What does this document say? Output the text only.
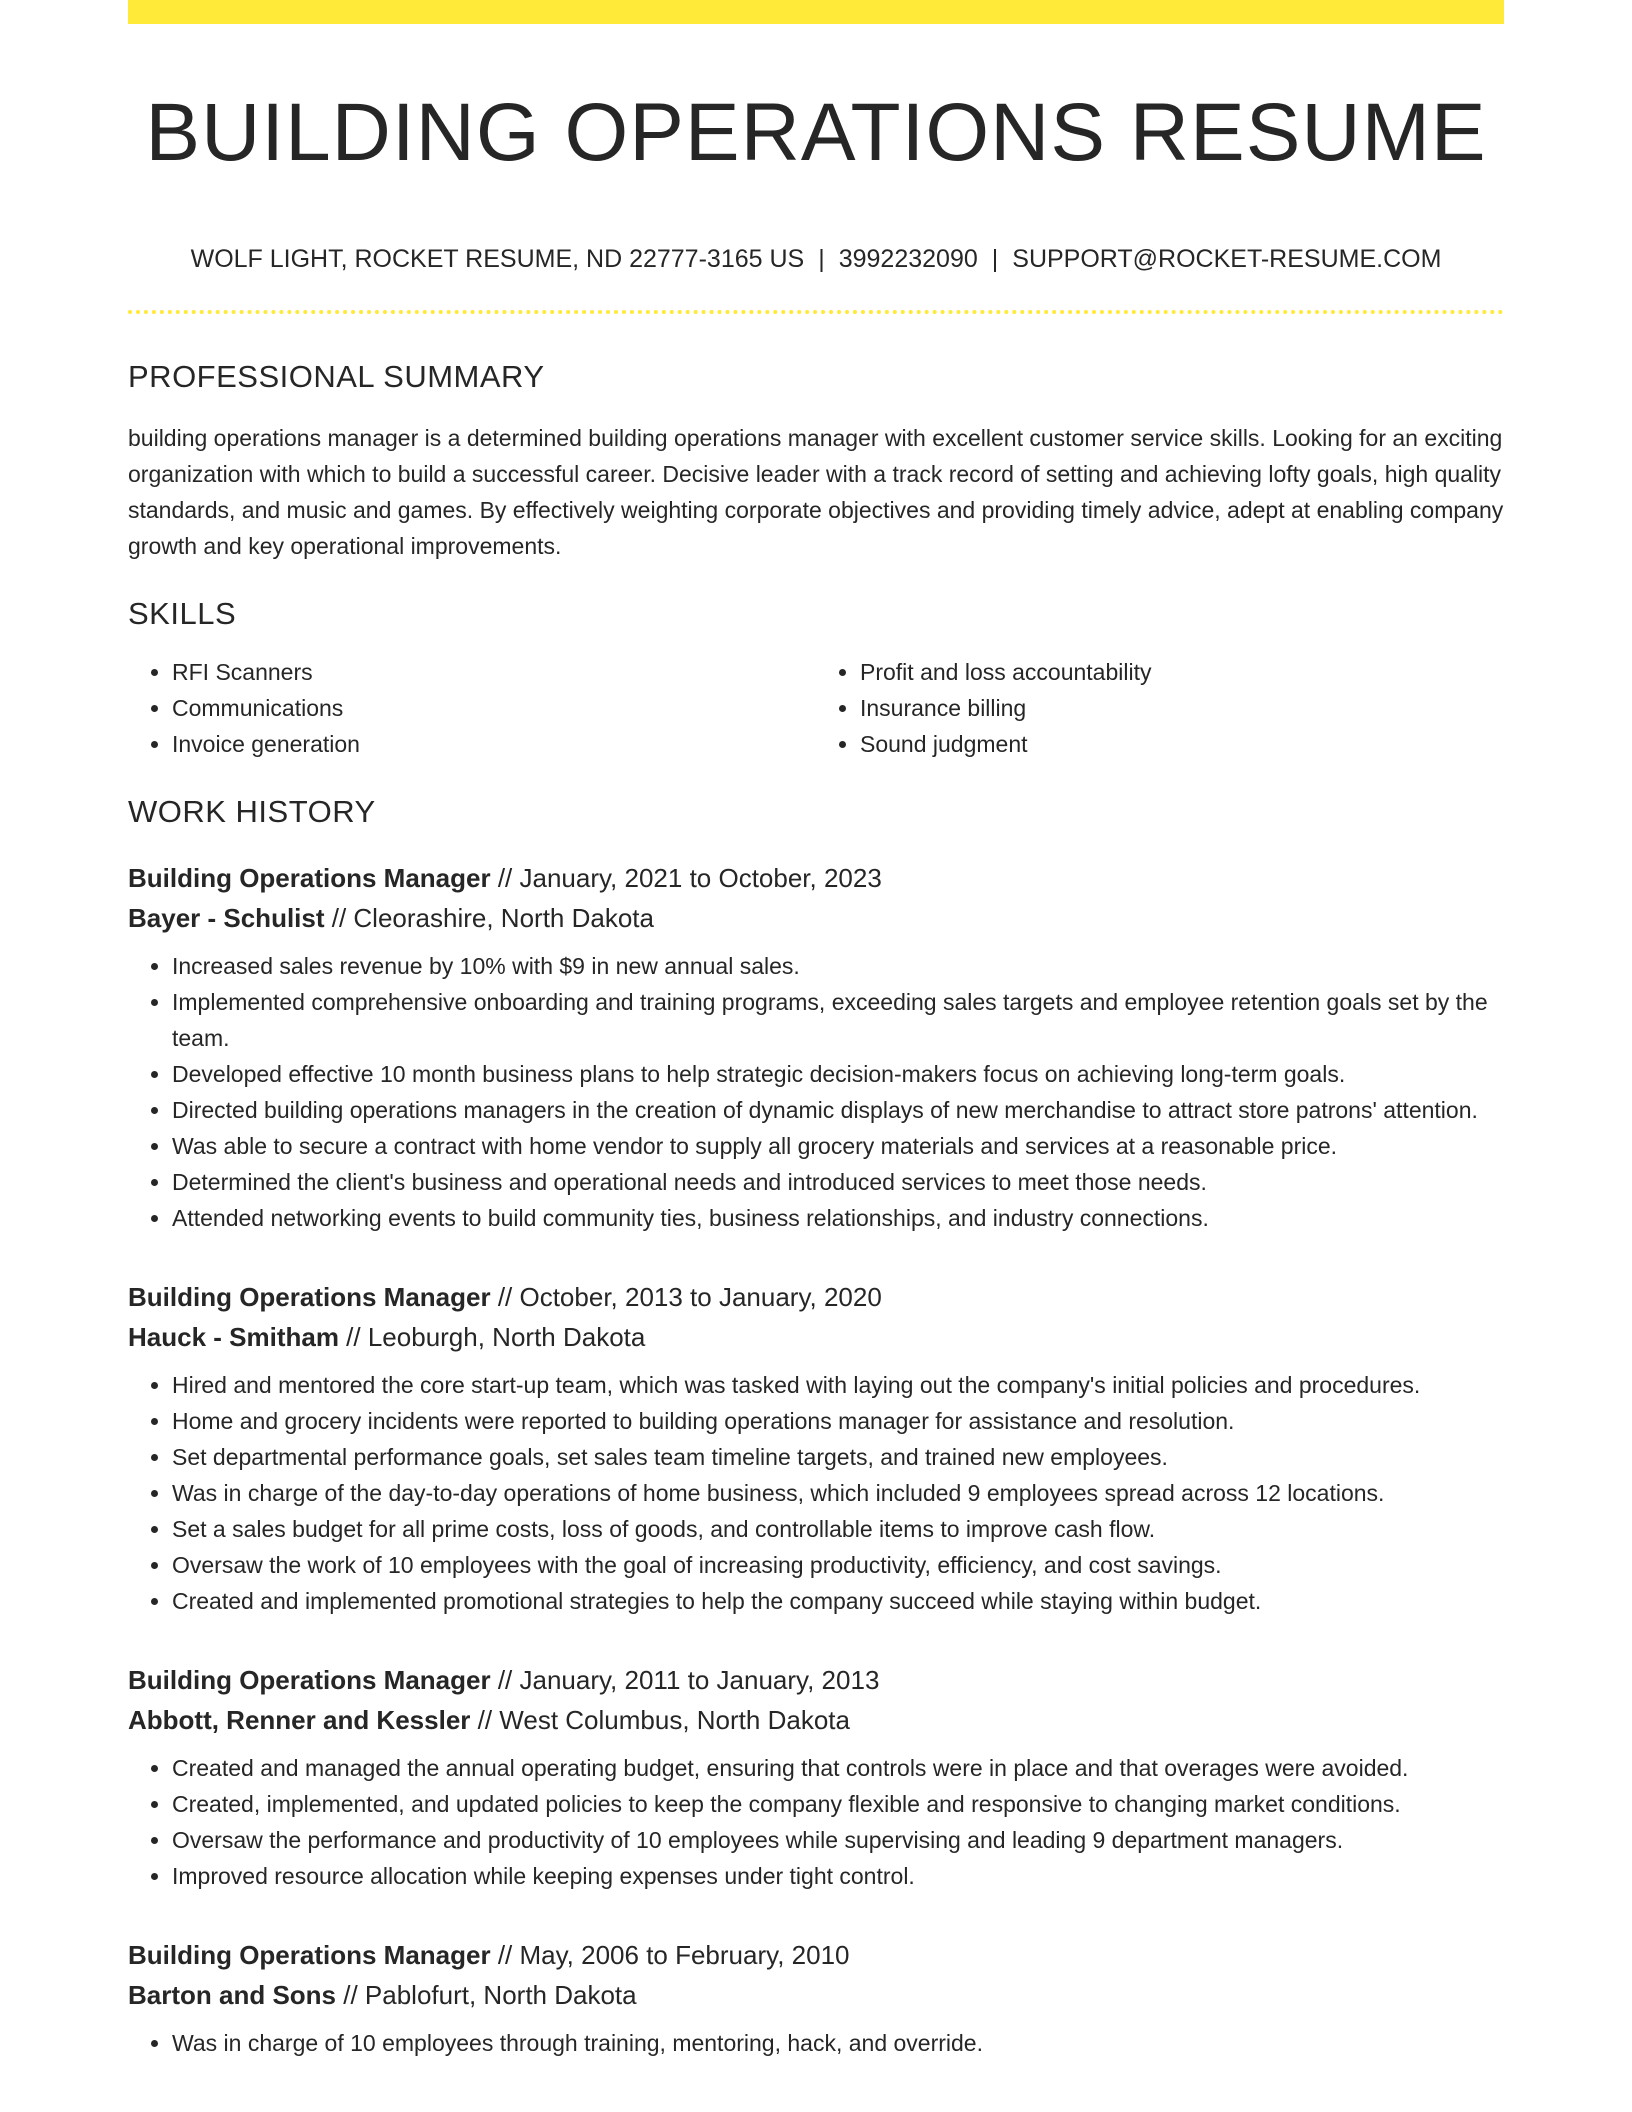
BUILDING OPERATIONS RESUME
WOLF LIGHT, ROCKET RESUME, ND 22777-3165 US | 3992232090 | SUPPORT@ROCKET-RESUME.COM
PROFESSIONAL SUMMARY

building operations manager is a determined building operations manager with excellent customer service skills. Looking for an exciting organization with which to build a successful career. Decisive leader with a track record of setting and achieving lofty goals, high quality standards, and music and games. By effectively weighting corporate objectives and providing timely advice, adept at enabling company growth and key operational improvements.

SKILLS
• RFI Scanners
• Communications
• Invoice generation
• Profit and loss accountability
• Insurance billing
• Sound judgment
WORK HISTORY
Building Operations Manager // January, 2021 to October, 2023
Bayer - Schulist // Cleorashire, North Dakota
• Increased sales revenue by 10% with $9 in new annual sales.
• Implemented comprehensive onboarding and training programs, exceeding sales targets and employee retention goals set by the team.
• Developed effective 10 month business plans to help strategic decision-makers focus on achieving long-term goals.
• Directed building operations managers in the creation of dynamic displays of new merchandise to attract store patrons' attention.
• Was able to secure a contract with home vendor to supply all grocery materials and services at a reasonable price.
• Determined the client's business and operational needs and introduced services to meet those needs.
• Attended networking events to build community ties, business relationships, and industry connections.
Building Operations Manager // October, 2013 to January, 2020
Hauck - Smitham // Leoburgh, North Dakota
• Hired and mentored the core start-up team, which was tasked with laying out the company's initial policies and procedures.
• Home and grocery incidents were reported to building operations manager for assistance and resolution.
• Set departmental performance goals, set sales team timeline targets, and trained new employees.
• Was in charge of the day-to-day operations of home business, which included 9 employees spread across 12 locations.
• Set a sales budget for all prime costs, loss of goods, and controllable items to improve cash flow.
• Oversaw the work of 10 employees with the goal of increasing productivity, efficiency, and cost savings.
• Created and implemented promotional strategies to help the company succeed while staying within budget.
Building Operations Manager // January, 2011 to January, 2013
Abbott, Renner and Kessler // West Columbus, North Dakota
• Created and managed the annual operating budget, ensuring that controls were in place and that overages were avoided.
• Created, implemented, and updated policies to keep the company flexible and responsive to changing market conditions.
• Oversaw the performance and productivity of 10 employees while supervising and leading 9 department managers.
• Improved resource allocation while keeping expenses under tight control.
Building Operations Manager // May, 2006 to February, 2010
Barton and Sons // Pablofurt, North Dakota
• Was in charge of 10 employees through training, mentoring, hack, and override.
